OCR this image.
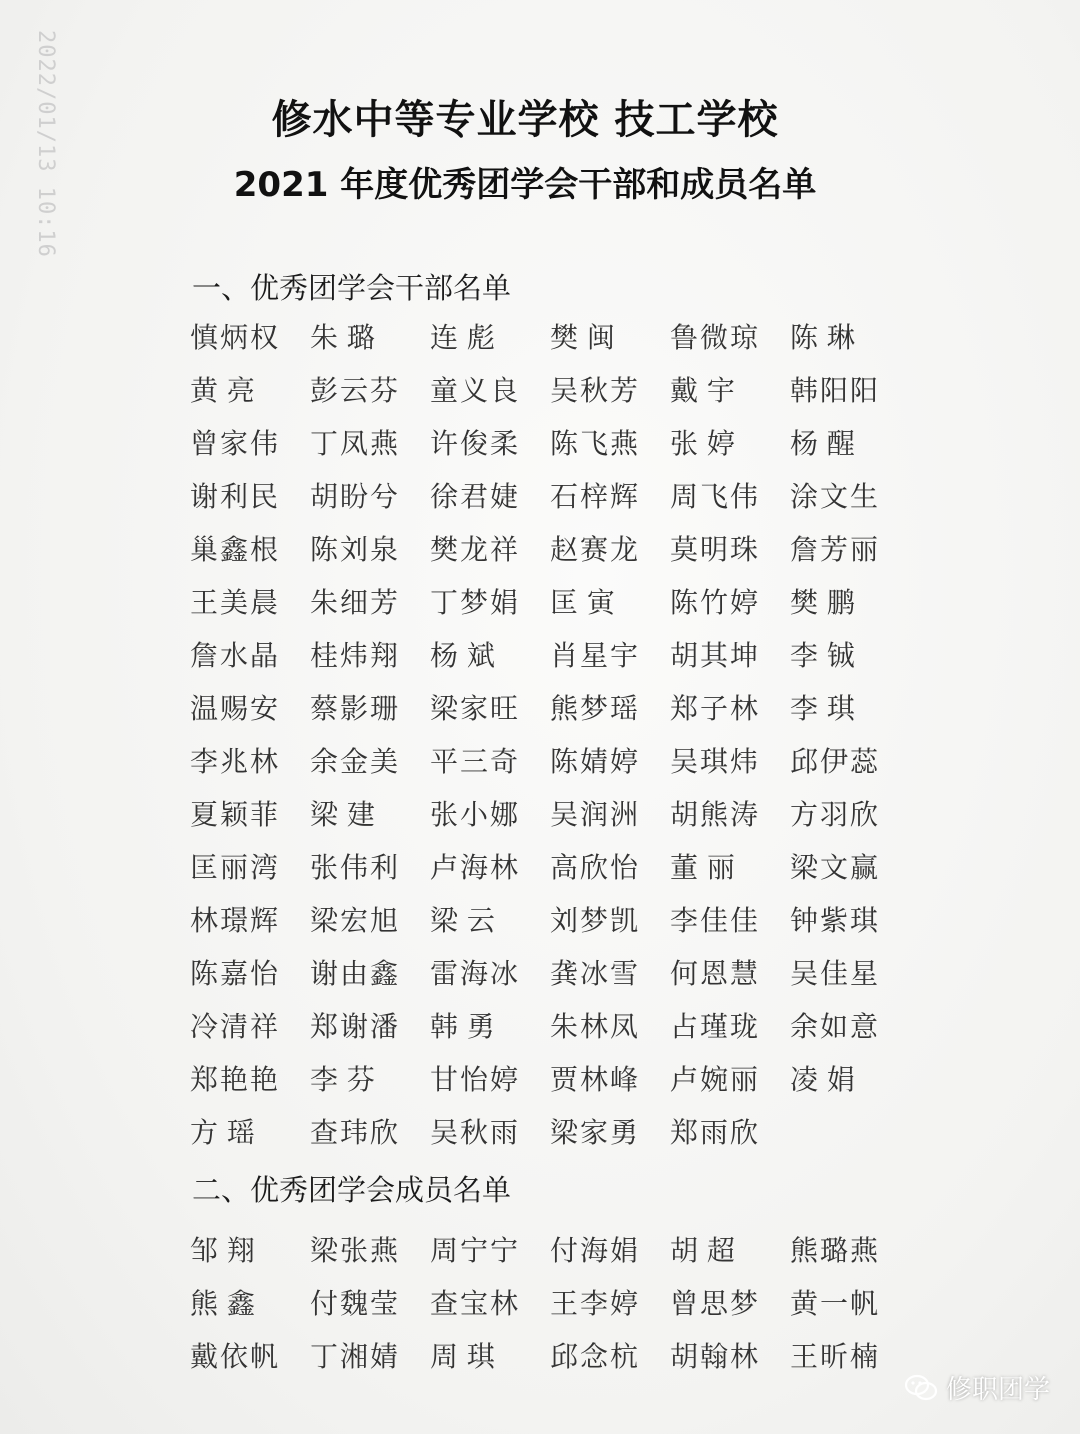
2022/01/13 10:16	修水中等专业学校 技工学校
2021 年度优秀团学会干部和成员名单
一、优秀团学会干部名单
慎炳权 朱 璐	连 彪	樊 闽	鲁微琼 陈 琳
黄 亮	彭云芬 童义良 吴秋芳 戴 宇	韩阳阳
曾家伟 丁凤燕 许俊柔 陈飞燕 张 婷	杨 醒
谢利民 胡盼兮 徐君婕 石梓辉 周飞伟 涂文生
巢鑫根 陈刘泉 樊龙祥 赵赛龙 莫明珠 詹芳丽
王美晨 朱细芳 丁梦娟 匡 寅	陈竹婷 樊 鹏
詹水晶 桂炜翔 杨 斌	肖星宇 胡其坤 李 铖
温赐安 蔡影珊 梁家旺 熊梦瑶 郑子林 李 琪
李兆林 余金美 平三奇 陈婧婷 吴琪炜 邱伊蕊
夏颖菲 梁 建	张小娜 吴润洲 胡熊涛 方羽欣
匡丽湾 张伟利 卢海林 高欣怡 董 丽	梁文赢
林璟辉 梁宏旭 梁 云	刘梦凯 李佳佳 钟紫琪
陈嘉怡 谢由鑫 雷海冰 龚冰雪 何恩慧 吴佳星
冷清祥 郑谢潘 韩 勇	朱林凤 占瑾珑 余如意
郑艳艳 李 芬	甘怡婷 贾林峰 卢婉丽 凌 娟
方 瑶	查玮欣 吴秋雨 梁家勇 郑雨欣
二、优秀团学会成员名单
邹 翔	梁张燕 周宁宁 付海娟 胡 超	熊璐燕
熊 鑫	付魏莹 查宝林 王李婷 曾思梦 黄一帆
戴依帆 丁湘婧 周 琪	邱念杭 胡翰林 王昕楠
修职团学
